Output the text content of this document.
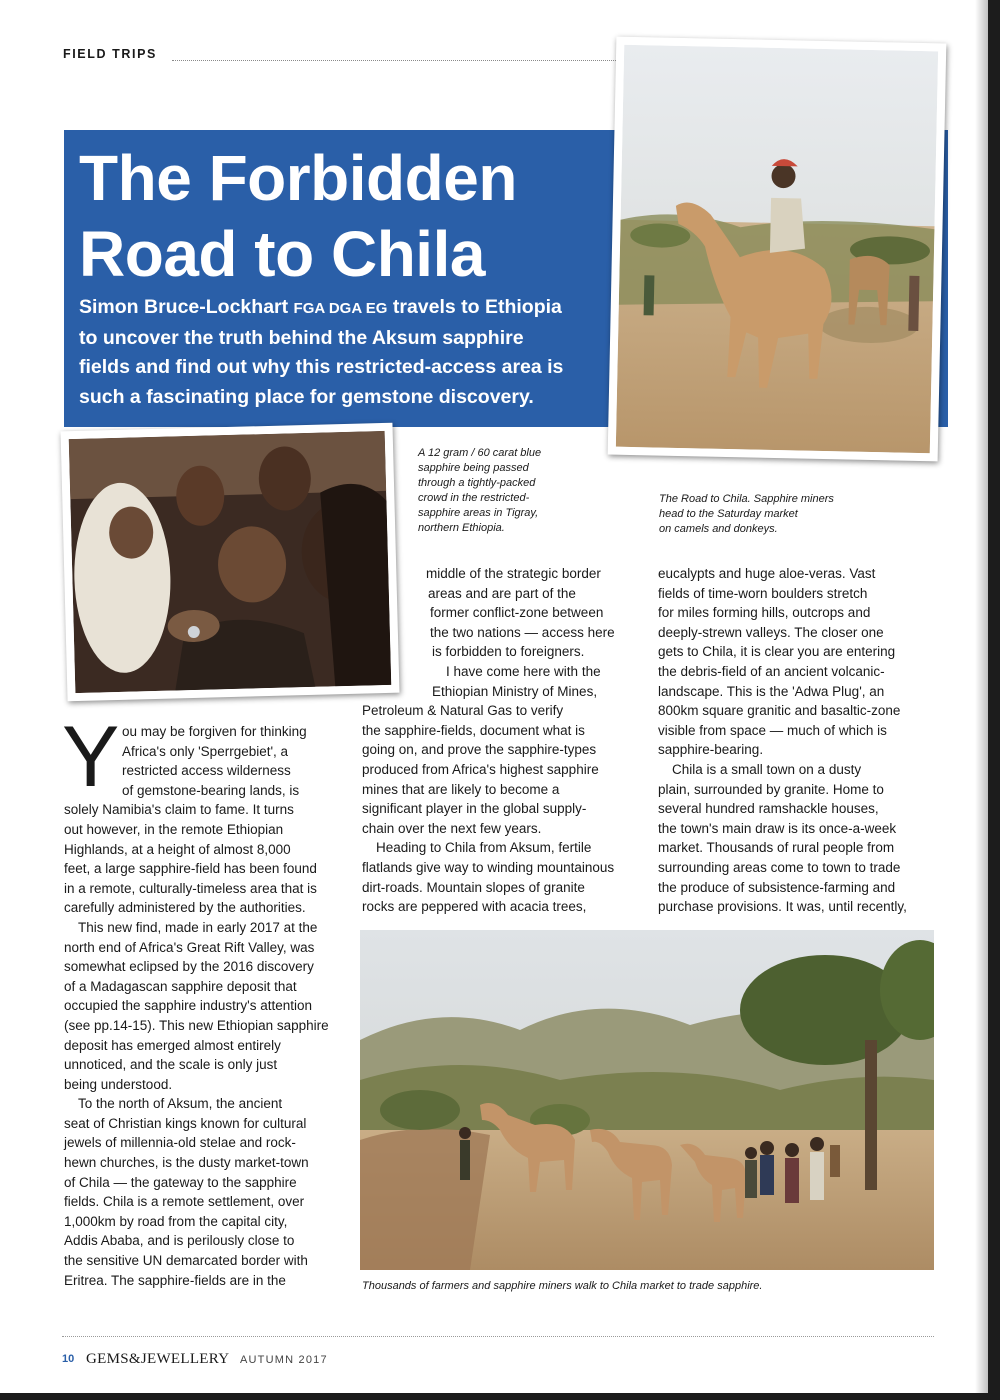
FIELD TRIPS
The Forbidden
Road to Chila
Simon Bruce-Lockhart FGA DGA EG travels to Ethiopia
to uncover the truth behind the Aksum sapphire
fields and find out why this restricted-access area is
such a fascinating place for gemstone discovery.
A 12 gram / 60 carat blue
sapphire being passed
through a tightly-packed
crowd in the restricted-
sapphire areas in Tigray,
northern Ethiopia.
The Road to Chila. Sapphire miners
head to the Saturday market
on camels and donkeys.
Y ou may be forgiven for thinking
Africa's only 'Sperrgebiet', a
restricted access wilderness
of gemstone-bearing lands, is
solely Namibia's claim to fame. It turns
out however, in the remote Ethiopian
Highlands, at a height of almost 8,000
feet, a large sapphire-field has been found
in a remote, culturally-timeless area that is
carefully administered by the authorities.
This new find, made in early 2017 at the
north end of Africa's Great Rift Valley, was
somewhat eclipsed by the 2016 discovery
of a Madagascan sapphire deposit that
occupied the sapphire industry's attention
(see pp.14-15). This new Ethiopian sapphire
deposit has emerged almost entirely
unnoticed, and the scale is only just
being understood.
To the north of Aksum, the ancient
seat of Christian kings known for cultural
jewels of millennia-old stelae and rock-
hewn churches, is the dusty market-town
of Chila — the gateway to the sapphire
fields. Chila is a remote settlement, over
1,000km by road from the capital city,
Addis Ababa, and is perilously close to
the sensitive UN demarcated border with
Eritrea. The sapphire-fields are in the
middle of the strategic border
areas and are part of the
former conflict-zone between
the two nations — access here
is forbidden to foreigners.
I have come here with the
Ethiopian Ministry of Mines,
Petroleum & Natural Gas to verify
the sapphire-fields, document what is
going on, and prove the sapphire-types
produced from Africa's highest sapphire
mines that are likely to become a
significant player in the global supply-
chain over the next few years.
Heading to Chila from Aksum, fertile
flatlands give way to winding mountainous
dirt-roads. Mountain slopes of granite
rocks are peppered with acacia trees,
eucalypts and huge aloe-veras. Vast
fields of time-worn boulders stretch
for miles forming hills, outcrops and
deeply-strewn valleys. The closer one
gets to Chila, it is clear you are entering
the debris-field of an ancient volcanic-
landscape. This is the 'Adwa Plug', an
800km square granitic and basaltic-zone
visible from space — much of which is
sapphire-bearing.
Chila is a small town on a dusty
plain, surrounded by granite. Home to
several hundred ramshackle houses,
the town's main draw is its once-a-week
market. Thousands of rural people from
surrounding areas come to town to trade
the produce of subsistence-farming and
purchase provisions. It was, until recently,
Thousands of farmers and sapphire miners walk to Chila market to trade sapphire.
10 GEMS&JEWELLERY AUTUMN 2017
